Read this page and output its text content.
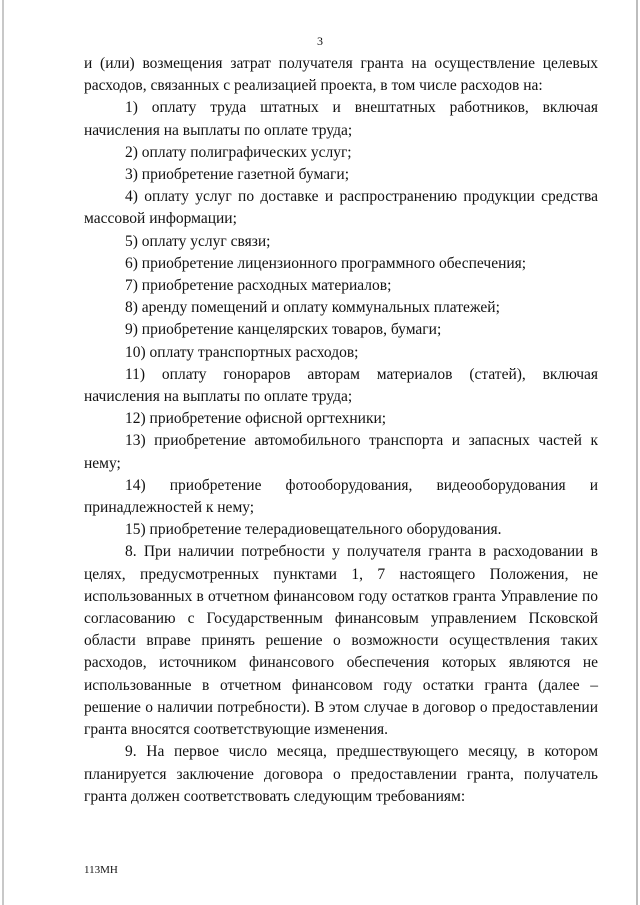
3

и (или) возмещения затрат получателя гранта на осуществление целевых расходов, связанных с реализацией проекта, в том числе расходов на:

1) оплату труда штатных и внештатных работников, включая начисления на выплаты по оплате труда;

2) оплату полиграфических услуг;

3) приобретение газетной бумаги;

4) оплату услуг по доставке и распространению продукции средства массовой информации;

5) оплату услуг связи;

6) приобретение лицензионного программного обеспечения;

7) приобретение расходных материалов;

8) аренду помещений и оплату коммунальных платежей;

9) приобретение канцелярских товаров, бумаги;

10) оплату транспортных расходов;

11) оплату гонораров авторам материалов (статей), включая начисления на выплаты по оплате труда;

12) приобретение офисной оргтехники;

13) приобретение автомобильного транспорта и запасных частей к нему;

14) приобретение фотооборудования, видеооборудования и принадлежностей к нему;

15) приобретение телерадиовещательного оборудования.

8. При наличии потребности у получателя гранта в расходовании в целях, предусмотренных пунктами 1, 7 настоящего Положения, не использованных в отчетном финансовом году остатков гранта Управление по согласованию с Государственным финансовым управлением Псковской области вправе принять решение о возможности осуществления таких расходов, источником финансового обеспечения которых являются не использованные в отчетном финансовом году остатки гранта (далее – решение о наличии потребности). В этом случае в договор о предоставлении гранта вносятся соответствующие изменения.

9. На первое число месяца, предшествующего месяцу, в котором планируется заключение договора о предоставлении гранта, получатель гранта должен соответствовать следующим требованиям:

113МН
